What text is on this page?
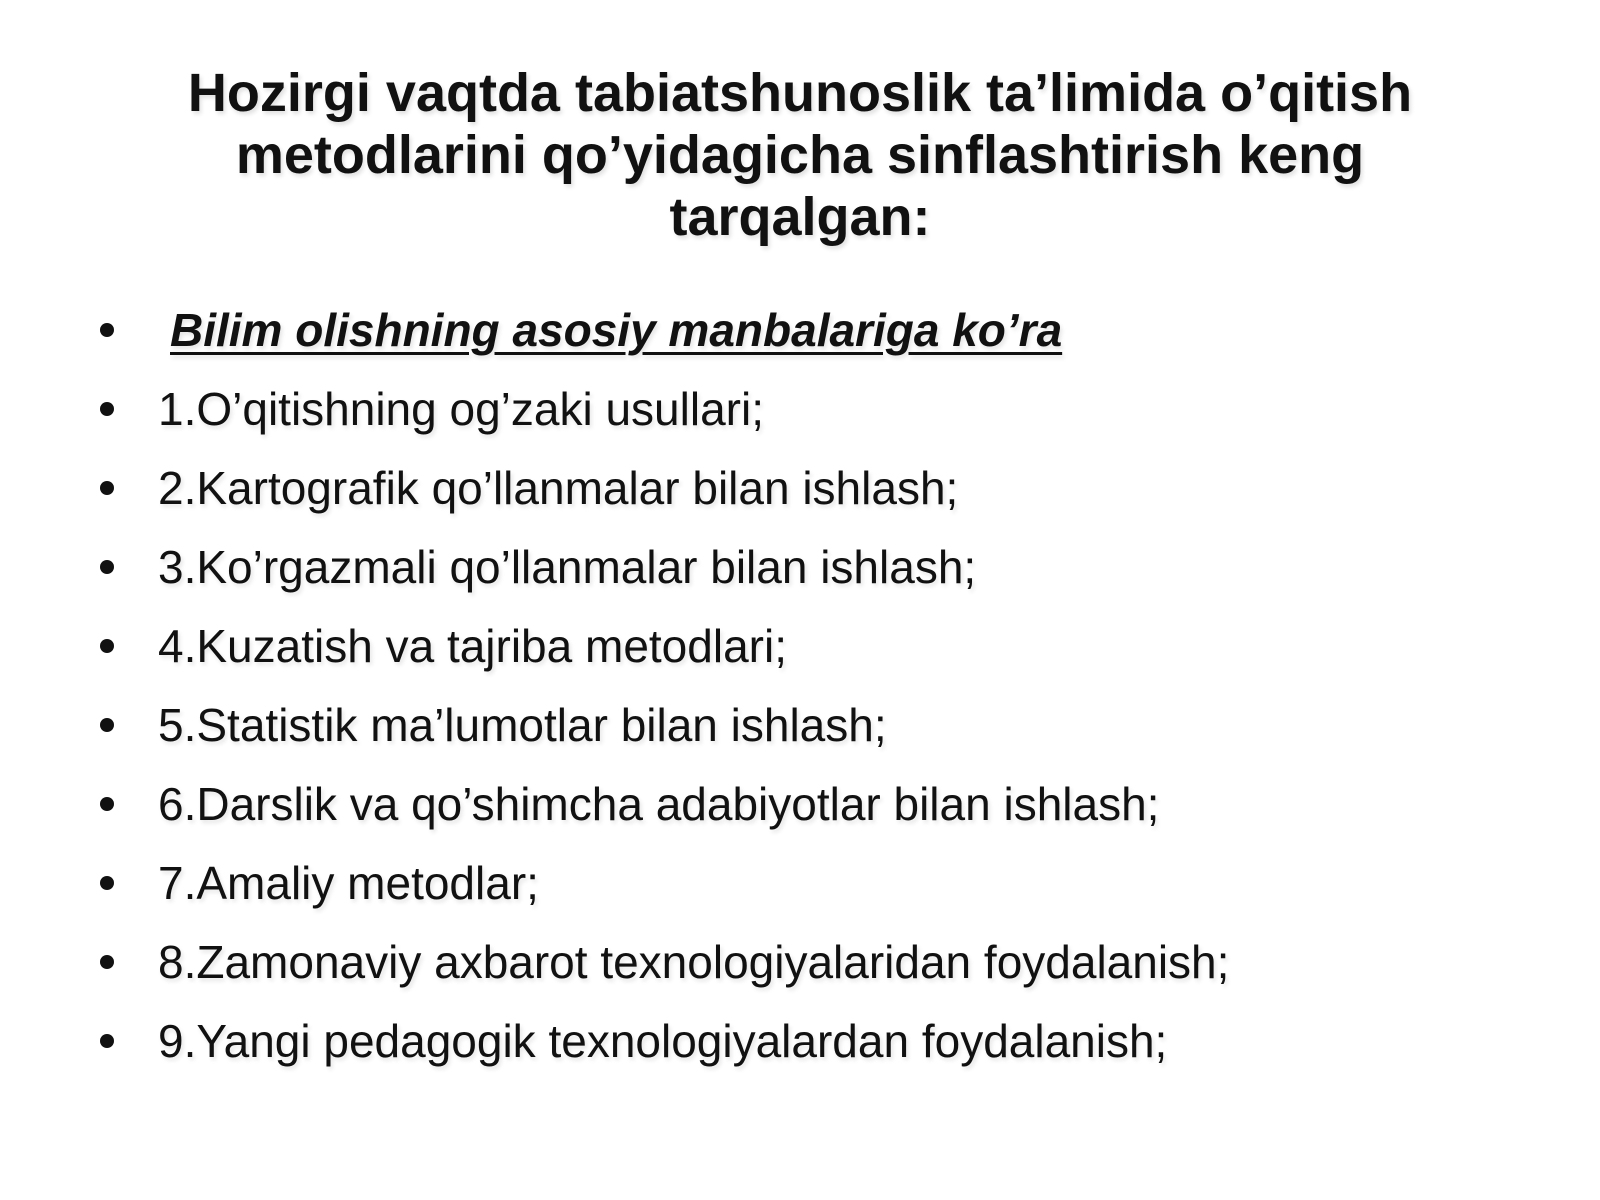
Hozirgi vaqtda tabiatshunoslik ta’limida o’qitish metodlarini qo’yidagicha sinflashtirish keng tarqalgan:
Bilim olishning asosiy manbalariga ko’ra
1.O’qitishning og’zaki usullari;
2.Kartografik qo’llanmalar bilan ishlash;
3.Ko’rgazmali qo’llanmalar bilan ishlash;
4.Kuzatish va tajriba metodlari;
5.Statistik ma’lumotlar bilan ishlash;
6.Darslik va qo’shimcha adabiyotlar bilan ishlash;
7.Amaliy metodlar;
8.Zamonaviy axbarot texnologiyalaridan foydalanish;
9.Yangi pedagogik texnologiyalardan foydalanish;
